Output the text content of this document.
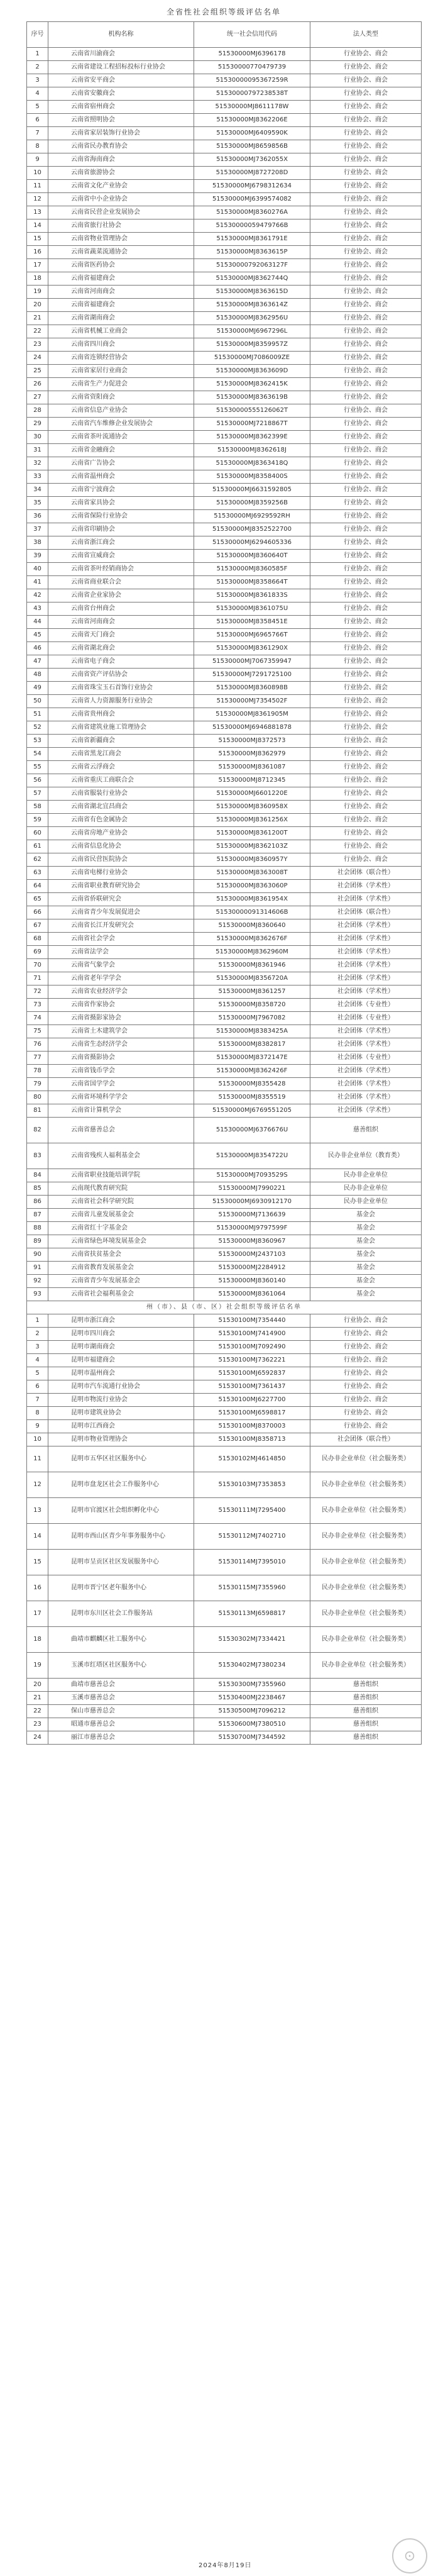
全省性社会组织等级评估名单
序号	机构名称	统一社会信用代码	法人类型
1	云南省川渝商会	51530000MJ6396178	行业协会、商会
2	云南省建设工程招标投标行业协会	51530000770479739	行业协会、商会
3	云南省安平商会	51530000095367259R	行业协会、商会
4	云南省安徽商会	51530000797238538T	行业协会、商会
5	云南省宿州商会	51530000MJ8611178W	行业协会、商会
6	云南省照明协会	51530000MJ8362206E	行业协会、商会
7	云南省家居装饰行业协会	51530000MJ6409590K	行业协会、商会
8	云南省民办教育协会	51530000MJ8659856B	行业协会、商会
9	云南省海南商会	51530000MJ7362055X	行业协会、商会
10	云南省旅游协会	51530000MJ8727208D	行业协会、商会
11	云南省文化产业协会	51530000MJ6798312634	行业协会、商会
12	云南省中小企业协会	51530000MJ6399574082	行业协会、商会
13	云南省民营企业发展协会	51530000MJ8360276A	行业协会、商会
14	云南省旅行社协会	51530000059479766B	行业协会、商会
15	云南省物业管理协会	51530000MJ8361791E	行业协会、商会
16	云南省蔬菜流通协会	51530000MJ8363615P	行业协会、商会
17	云南省医药协会	51530000792063127F	行业协会、商会
18	云南省福建商会	51530000MJ8362744Q	行业协会、商会
19	云南省河南商会	51530000MJ8363615D	行业协会、商会
20	云南省福建商会	51530000MJ8363614Z	行业协会、商会
21	云南省湖南商会	51530000MJ8362956U	行业协会、商会
22	云南省机械工业商会	51530000MJ6967296L	行业协会、商会
23	云南省四川商会	51530000MJ8359957Z	行业协会、商会
24	云南省连锁经营协会	51530000MJ7086009ZE	行业协会、商会
25	云南省家居行业商会	51530000MJ8363609D	行业协会、商会
26	云南省生产力促进会	51530000MJ8362415K	行业协会、商会
27	云南省资阳商会	51530000MJ8363619B	行业协会、商会
28	云南省信息产业协会	51530000555126062T	行业协会、商会
29	云南省汽车维修企业发展协会	51530000MJ7218867T	行业协会、商会
30	云南省茶叶流通协会	51530000MJ8362399E	行业协会、商会
31	云南省金融商会	51530000MJ8362618J	行业协会、商会
32	云南省广告协会	51530000MJ8363418Q	行业协会、商会
33	云南省温州商会	51530000MJ8358400S	行业协会、商会
34	云南省宁波商会	51530000MJ6631592805	行业协会、商会
35	云南省家具协会	51530000MJ8359256B	行业协会、商会
36	云南省保险行业协会	51530000MJ6929592RH	行业协会、商会
37	云南省印刷协会	51530000MJ8352522700	行业协会、商会
38	云南省浙江商会	51530000MJ6294605336	行业协会、商会
39	云南省宣威商会	51530000MJ8360640T	行业协会、商会
40	云南省茶叶经销商协会	51530000MJ8360585F	行业协会、商会
41	云南省商业联合会	51530000MJ8358664T	行业协会、商会
42	云南省企业家协会	51530000MJ8361833S	行业协会、商会
43	云南省台州商会	51530000MJ8361075U	行业协会、商会
44	云南省河南商会	51530000MJ8358451E	行业协会、商会
45	云南省天门商会	51530000MJ6965766T	行业协会、商会
46	云南省湖北商会	51530000MJ8361290X	行业协会、商会
47	云南省电子商会	51530000MJ7067359947	行业协会、商会
48	云南省资产评估协会	51530000MJ7291725100	行业协会、商会
49	云南省珠宝玉石首饰行业协会	51530000MJ8360898B	行业协会、商会
50	云南省人力资源服务行业协会	51530000MJ7354502F	行业协会、商会
51	云南省贵州商会	51530000MJ8361905M	行业协会、商会
52	云南省建筑业施工管理协会	51530000MJ6946881878	行业协会、商会
53	云南省新疆商会	51530000MJ8372573	行业协会、商会
54	云南省黑龙江商会	51530000MJ8362979	行业协会、商会
55	云南省云浮商会	51530000MJ8361087	行业协会、商会
56	云南省重庆工商联合会	51530000MJ8712345	行业协会、商会
57	云南省服装行业协会	51530000MJ6601220E	行业协会、商会
58	云南省湖北宜昌商会	51530000MJ8360958X	行业协会、商会
59	云南省有色金属协会	51530000MJ8361256X	行业协会、商会
60	云南省房地产业协会	51530000MJ8361200T	行业协会、商会
61	云南省信息化协会	51530000MJ8362103Z	行业协会、商会
62	云南省民营医院协会	51530000MJ8360957Y	行业协会、商会
63	云南省电梯行业协会	51530000MJ8363008T	社会团体（联合性）
64	云南省职业教育研究协会	51530000MJ8363060P	社会团体（学术性）
65	云南省侨联研究会	51530000MJ8361954X	社会团体（学术性）
66	云南省青少年发展促进会	51530000091314606B	社会团体（联合性）
67	云南省长江开发研究会	51530000MJ8360640	社会团体（学术性）
68	云南省社会学会	51530000MJ8362676F	社会团体（学术性）
69	云南省法学会	51530000MJ8362960M	社会团体（学术性）
70	云南省气象学会	51530000MJ8361946	社会团体（学术性）
71	云南省老年学学会	51530000MJ8356720A	社会团体（学术性）
72	云南省农业经济学会	51530000MJ8361257	社会团体（学术性）
73	云南省作家协会	51530000MJ8358720	社会团体（专业性）
74	云南省摄影家协会	51530000MJ7967082	社会团体（专业性）
75	云南省土木建筑学会	51530000MJ8383425A	社会团体（学术性）
76	云南省生态经济学会	51530000MJ8382817	社会团体（学术性）
77	云南省摄影协会	51530000MJ8372147E	社会团体（专业性）
78	云南省钱币学会	51530000MJ8362426F	社会团体（学术性）
79	云南省国学学会	51530000MJ8355428	社会团体（学术性）
80	云南省环境科学学会	51530000MJ8355519	社会团体（学术性）
81	云南省计算机学会	51530000MJ6769551205	社会团体（学术性）
82	云南省慈善总会	51530000MJ6376676U	慈善组织
83	云南省残疾人福利基金会	51530000MJ8354722U	民办非企业单位（教育类）
84	云南省职业技能培训学院	51530000MJ7093529S	民办非企业单位
85	云南现代教育研究院	51530000MJ7990221	民办非企业单位
86	云南省社会科学研究院	51530000MJ6930912170	民办非企业单位
87	云南省儿童发展基金会	51530000MJ7136639	基金会
88	云南省红十字基金会	51530000MJ9797599F	基金会
89	云南省绿色环境发展基金会	51530000MJ8360967	基金会
90	云南省扶贫基金会	51530000MJ2437103	基金会
91	云南省教育发展基金会	51530000MJ2284912	基金会
92	云南省青少年发展基金会	51530000MJ8360140	基金会
93	云南省社会福利基金会	51530000MJ8361064	基金会
州（市）、县（市、区）社会组织等级评估名单			
1	昆明市浙江商会	51530100MJ7354440	行业协会、商会
2	昆明市四川商会	51530100MJ7414900	行业协会、商会
3	昆明市湖南商会	51530100MJ7092490	行业协会、商会
4	昆明市福建商会	51530100MJ7362221	行业协会、商会
5	昆明市温州商会	51530100MJ6592837	行业协会、商会
6	昆明市汽车流通行业协会	51530100MJ7361437	行业协会、商会
7	昆明市物流行业协会	51530100MJ6227700	行业协会、商会
8	昆明市建筑业协会	51530100MJ6598817	行业协会、商会
9	昆明市江西商会	51530100MJ8370003	行业协会、商会
10	昆明市物业管理协会	51530100MJ8358713	社会团体（联合性）
11	昆明市五华区社区服务中心	51530102MJ4614850	民办非企业单位（社会服务类）
12	昆明市盘龙区社会工作服务中心	51530103MJ7353853	民办非企业单位（社会服务类）
13	昆明市官渡区社会组织孵化中心	51530111MJ7295400	民办非企业单位（社会服务类）
14	昆明市西山区青少年事务服务中心	51530112MJ7402710	民办非企业单位（社会服务类）
15	昆明市呈贡区社区发展服务中心	51530114MJ7395010	民办非企业单位（社会服务类）
16	昆明市晋宁区老年服务中心	51530115MJ7355960	民办非企业单位（社会服务类）
17	昆明市东川区社会工作服务站	51530113MJ6598817	民办非企业单位（社会服务类）
18	曲靖市麒麟区社工服务中心	51530302MJ7334421	民办非企业单位（社会服务类）
19	玉溪市红塔区社区服务中心	51530402MJ7380234	民办非企业单位（社会服务类）
20	曲靖市慈善总会	51530300MJ7355960	慈善组织
21	玉溪市慈善总会	51530400MJ2238467	慈善组织
22	保山市慈善总会	51530500MJ7096212	慈善组织
23	昭通市慈善总会	51530600MJ7380510	慈善组织
24	丽江市慈善总会	51530700MJ7344592	慈善组织
⊙
2024年8月19日
